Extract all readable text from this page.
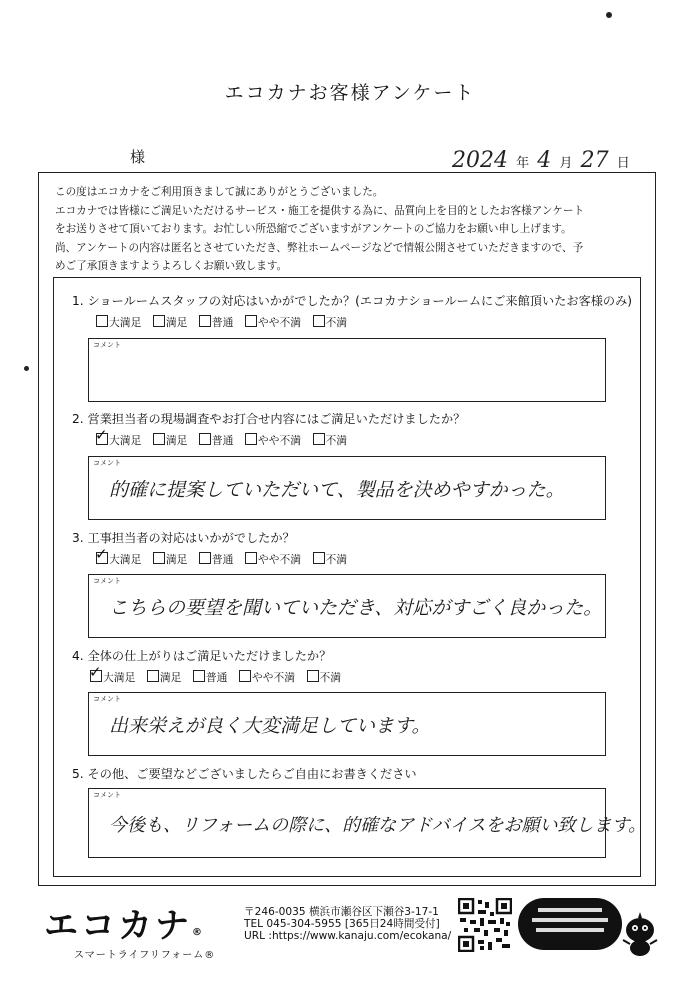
エコカナお客様アンケート
様	2024 年 4 月 27 日

この度はエコカナをご利用頂きまして誠にありがとうございました。
エコカナでは皆様にご満足いただけるサービス・施工を提供する為に、品質向上を目的としたお客様アンケート
をお送りさせて頂いております。お忙しい所恐縮でございますがアンケートのご協力をお願い申し上げます。
尚、アンケートの内容は匿名とさせていただき、弊社ホームページなどで情報公開させていただきますので、予
めご了承頂きますようよろしくお願い致します。

1. ショールームスタッフの対応はいかがでしたか？(エコカナショールームにご来館頂いたお客様のみ)
大満足 満足 普通 やや不満 不満
コメント
2. 営業担当者の現場調査やお打合せ内容にはご満足いただけましたか？
✓ 大満足 満足 普通 やや不満 不満
コメント
的確に提案していただいて、製品を決めやすかった。
3. 工事担当者の対応はいかがでしたか？
✓ 大満足 満足 普通 やや不満 不満
コメント
こちらの要望を聞いていただき、対応がすごく良かった。
4. 全体の仕上がりはご満足いただけましたか？
✓ 大満足 満足 普通 やや不満 不満
コメント
出来栄えが良く大変満足しています。
5. その他、ご要望などございましたらご自由にお書きください
コメント
今後も、リフォームの際に、的確なアドバイスをお願い致します。
エコカナ®
スマートライフリフォーム®
〒246-0035 横浜市瀬谷区下瀬谷3-17-1
TEL 045-304-5955 [365日24時間受付]
URL :https://www.kanaju.com/ecokana/
